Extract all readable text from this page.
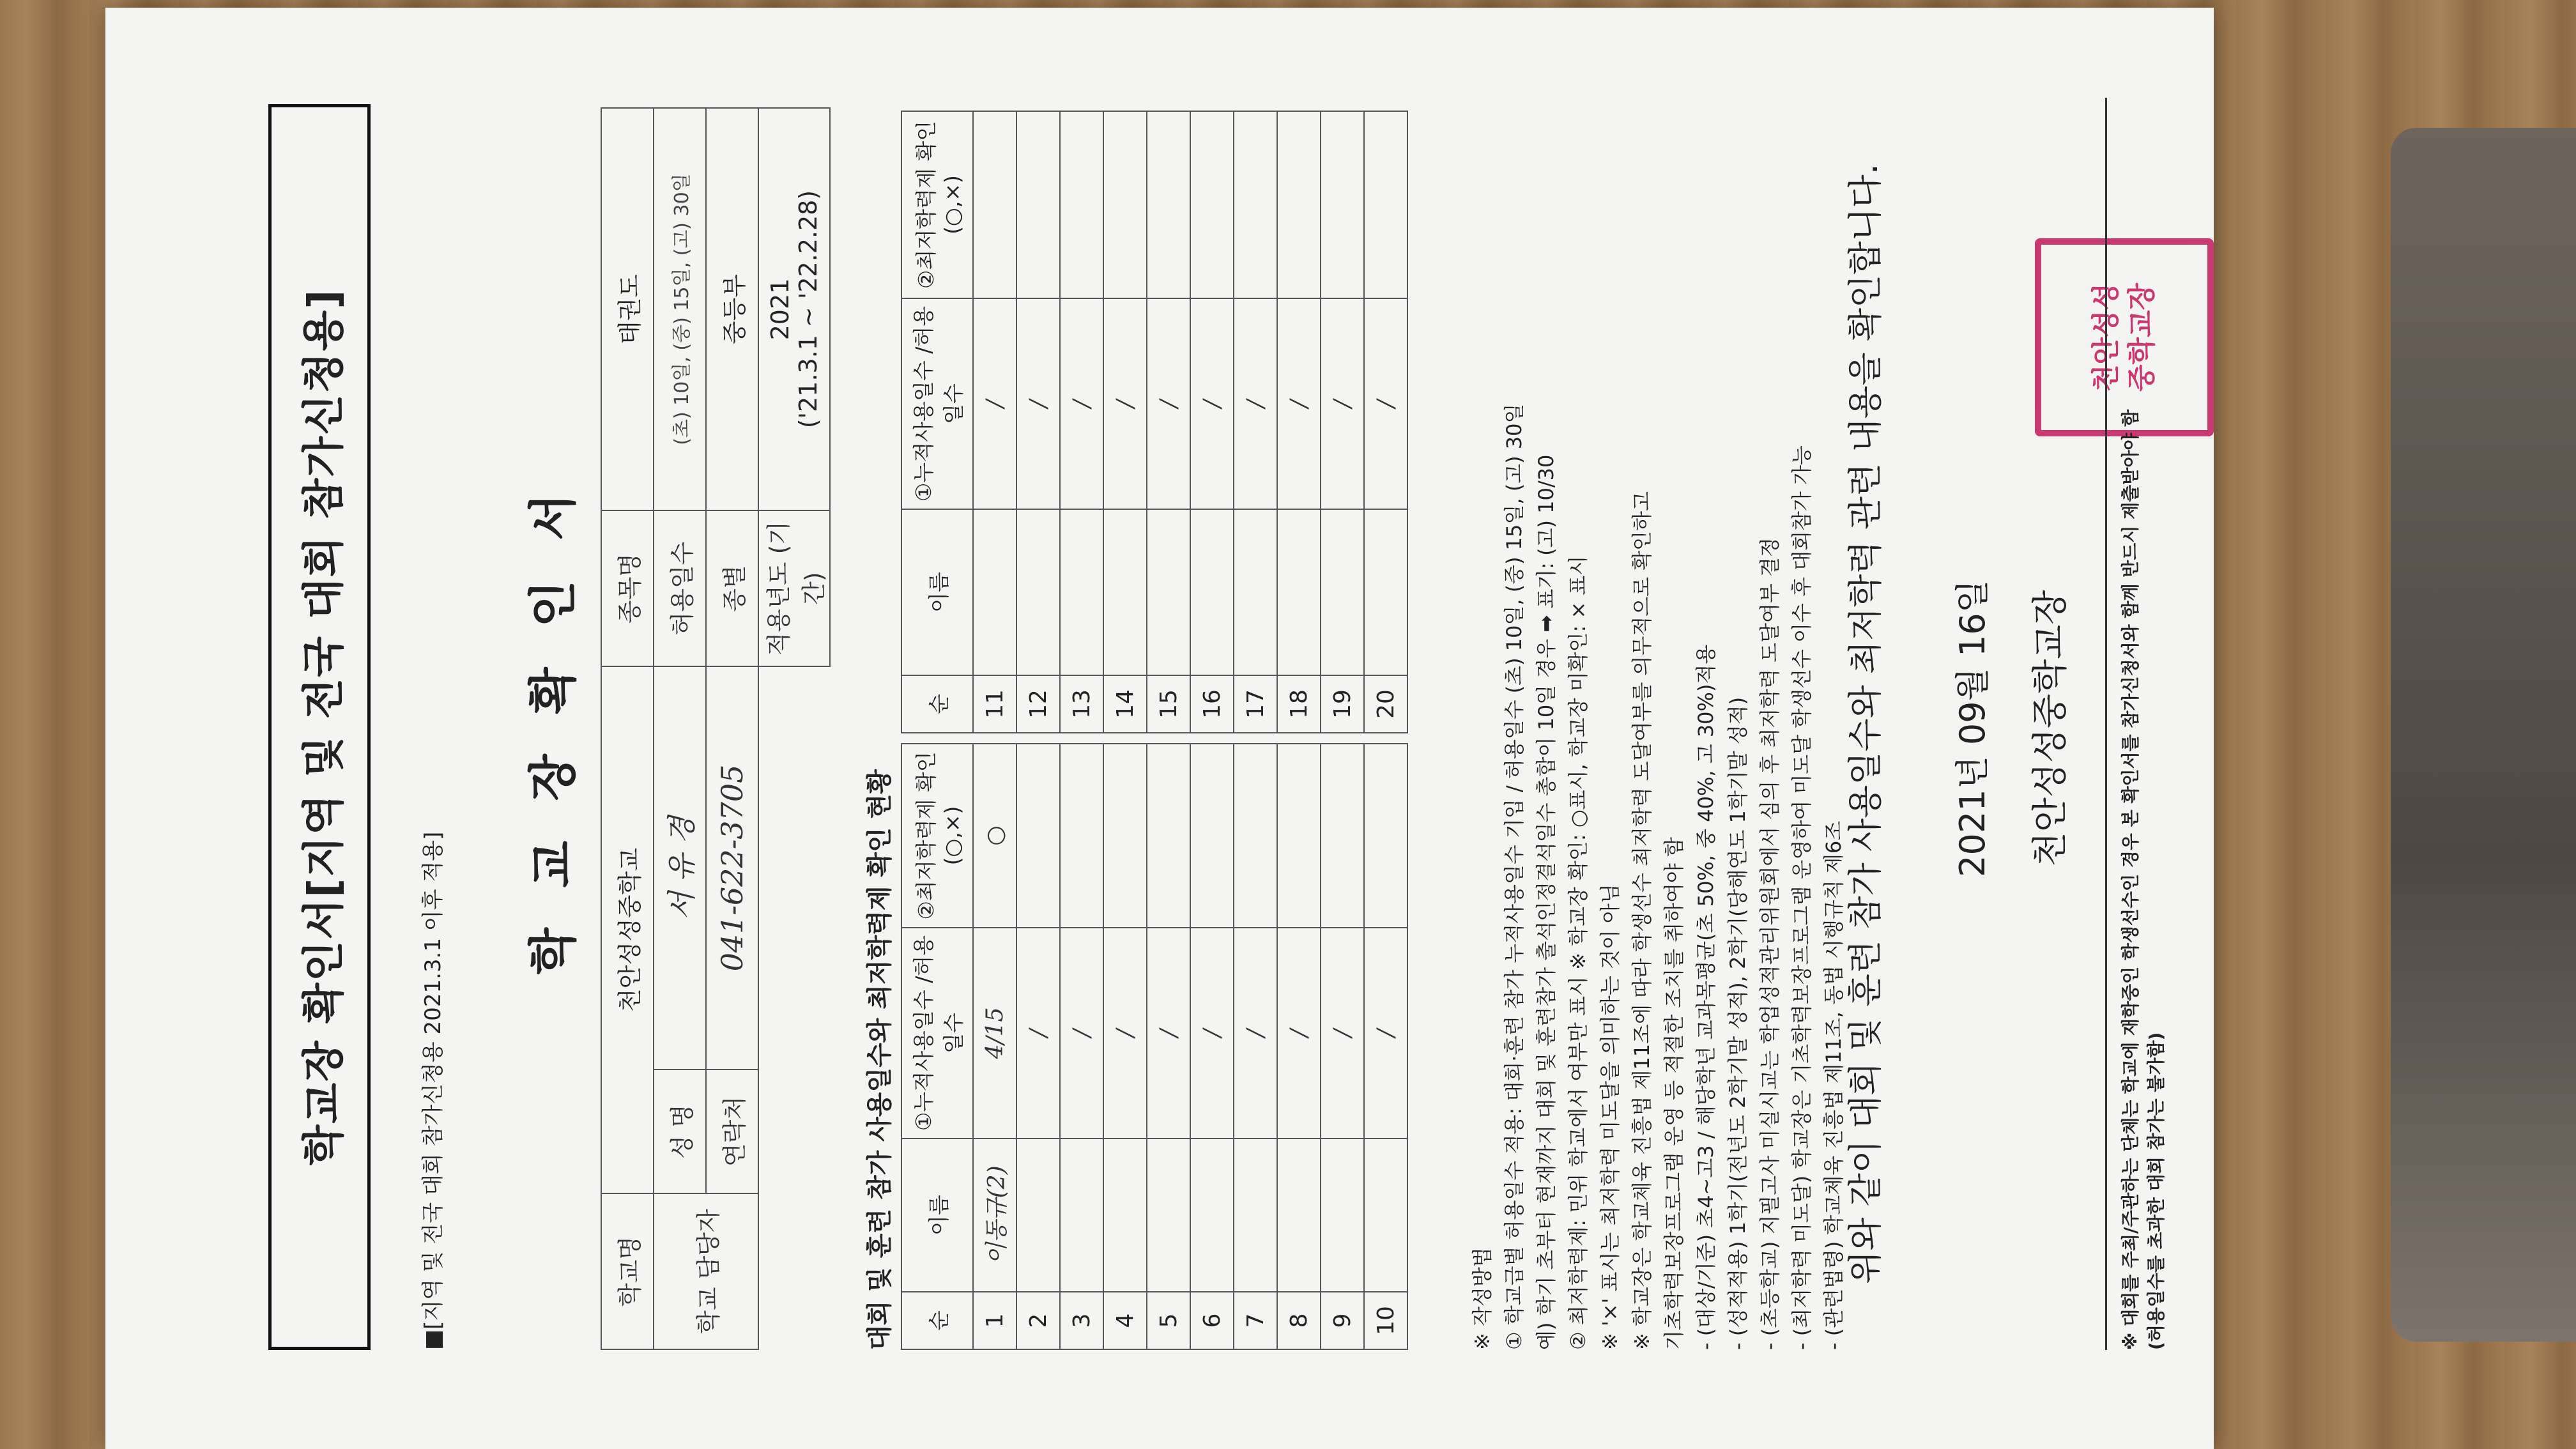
학교장 확인서[지역 및 전국 대회 참가신청용]	■[지역 및 전국 대회 참가신청용 2021.3.1 이후 적용]
학 교 장 확 인 서
학교명	천안성성중학교		종목명	태권도
학교 담당자	성 명	서 유 경	허용일수	(초) 10일, (중) 15일, (고) 30일
	연락처	041-622-3705	종별	중등부
			적용년도 (기간)	2021 ('21.3.1 ~ '22.2.28)
대회 및 훈련 참가 사용일수와 최저학력제 확인 현황 순	이름	①누적사용일수 /허용일수	②최저학력제 확인(○,×)
1	이동규(2)	4/15	○
2		/	
3		/	
4		/	
5		/	
6		/	
7		/	
8		/	
9		/	
10		/	
순	이름	①누적사용일수 /허용일수	②최저학력제 확인(○,×)
11		/	
12		/	
13		/	
14		/	
15		/	
16		/	
17		/	
18		/	
19		/	
20		/	

※ 작성방법 ① 학교급별 허용일수 적용: 대회·훈련 참가 누적사용일수 기입 / 허용일수 (초) 10일, (중) 15일, (고) 30일 예) 학기 초부터 현재까지 대회 및 훈련참가 출석인정결석일수 총합이 10일 경우 ➡ 표기: (고) 10/30 ② 최저학력제: 민위 학교에서 여부만 표시 ※ 학교장 확인: ○표시, 학교장 미확인: × 표시 ※ '×' 표시는 최저학력 미도달을 의미하는 것이 아님 ※ 학교장은 학교체육 진흥법 제11조에 따라 학생선수 최저학력 도달여부를 의무적으로 확인하고 기초학력보장프로그램 운영 등 적절한 조치를 취하여야 함 - (대상/기준) 초4~고3 / 해당학년 교과목평균(초 50%, 중 40%, 고 30%)적용 - (성적적용) 1학기(전년도 2학기말 성적), 2학기(당해연도 1학기말 성적) - (초등학교) 지필고사 미실시교는 학업성적관리위원회에서 심의 후 최저학력 도달여부 결정 - (최저학력 미도달) 학교장은 기초학력보장프로그램 운영하여 미도달 학생선수 이수 후 대회참가 가능 - (관련법령) 학교체육 진흥법 제11조, 동법 시행규칙 제6조 위와 같이 대회 및 훈련 참가 사용일수와 최저학력 관련 내용을 확인합니다. 2021년 09월 16일 천안성성중학교장
천안성성 중학교장
※ 대회를 주최/주관하는 단체는 학교에 재학중인 학생선수인 경우 본 확인서를 참가신청서와 함께 반드시 제출받아야 함 (허용일수를 초과한 대회 참가는 불가함)
